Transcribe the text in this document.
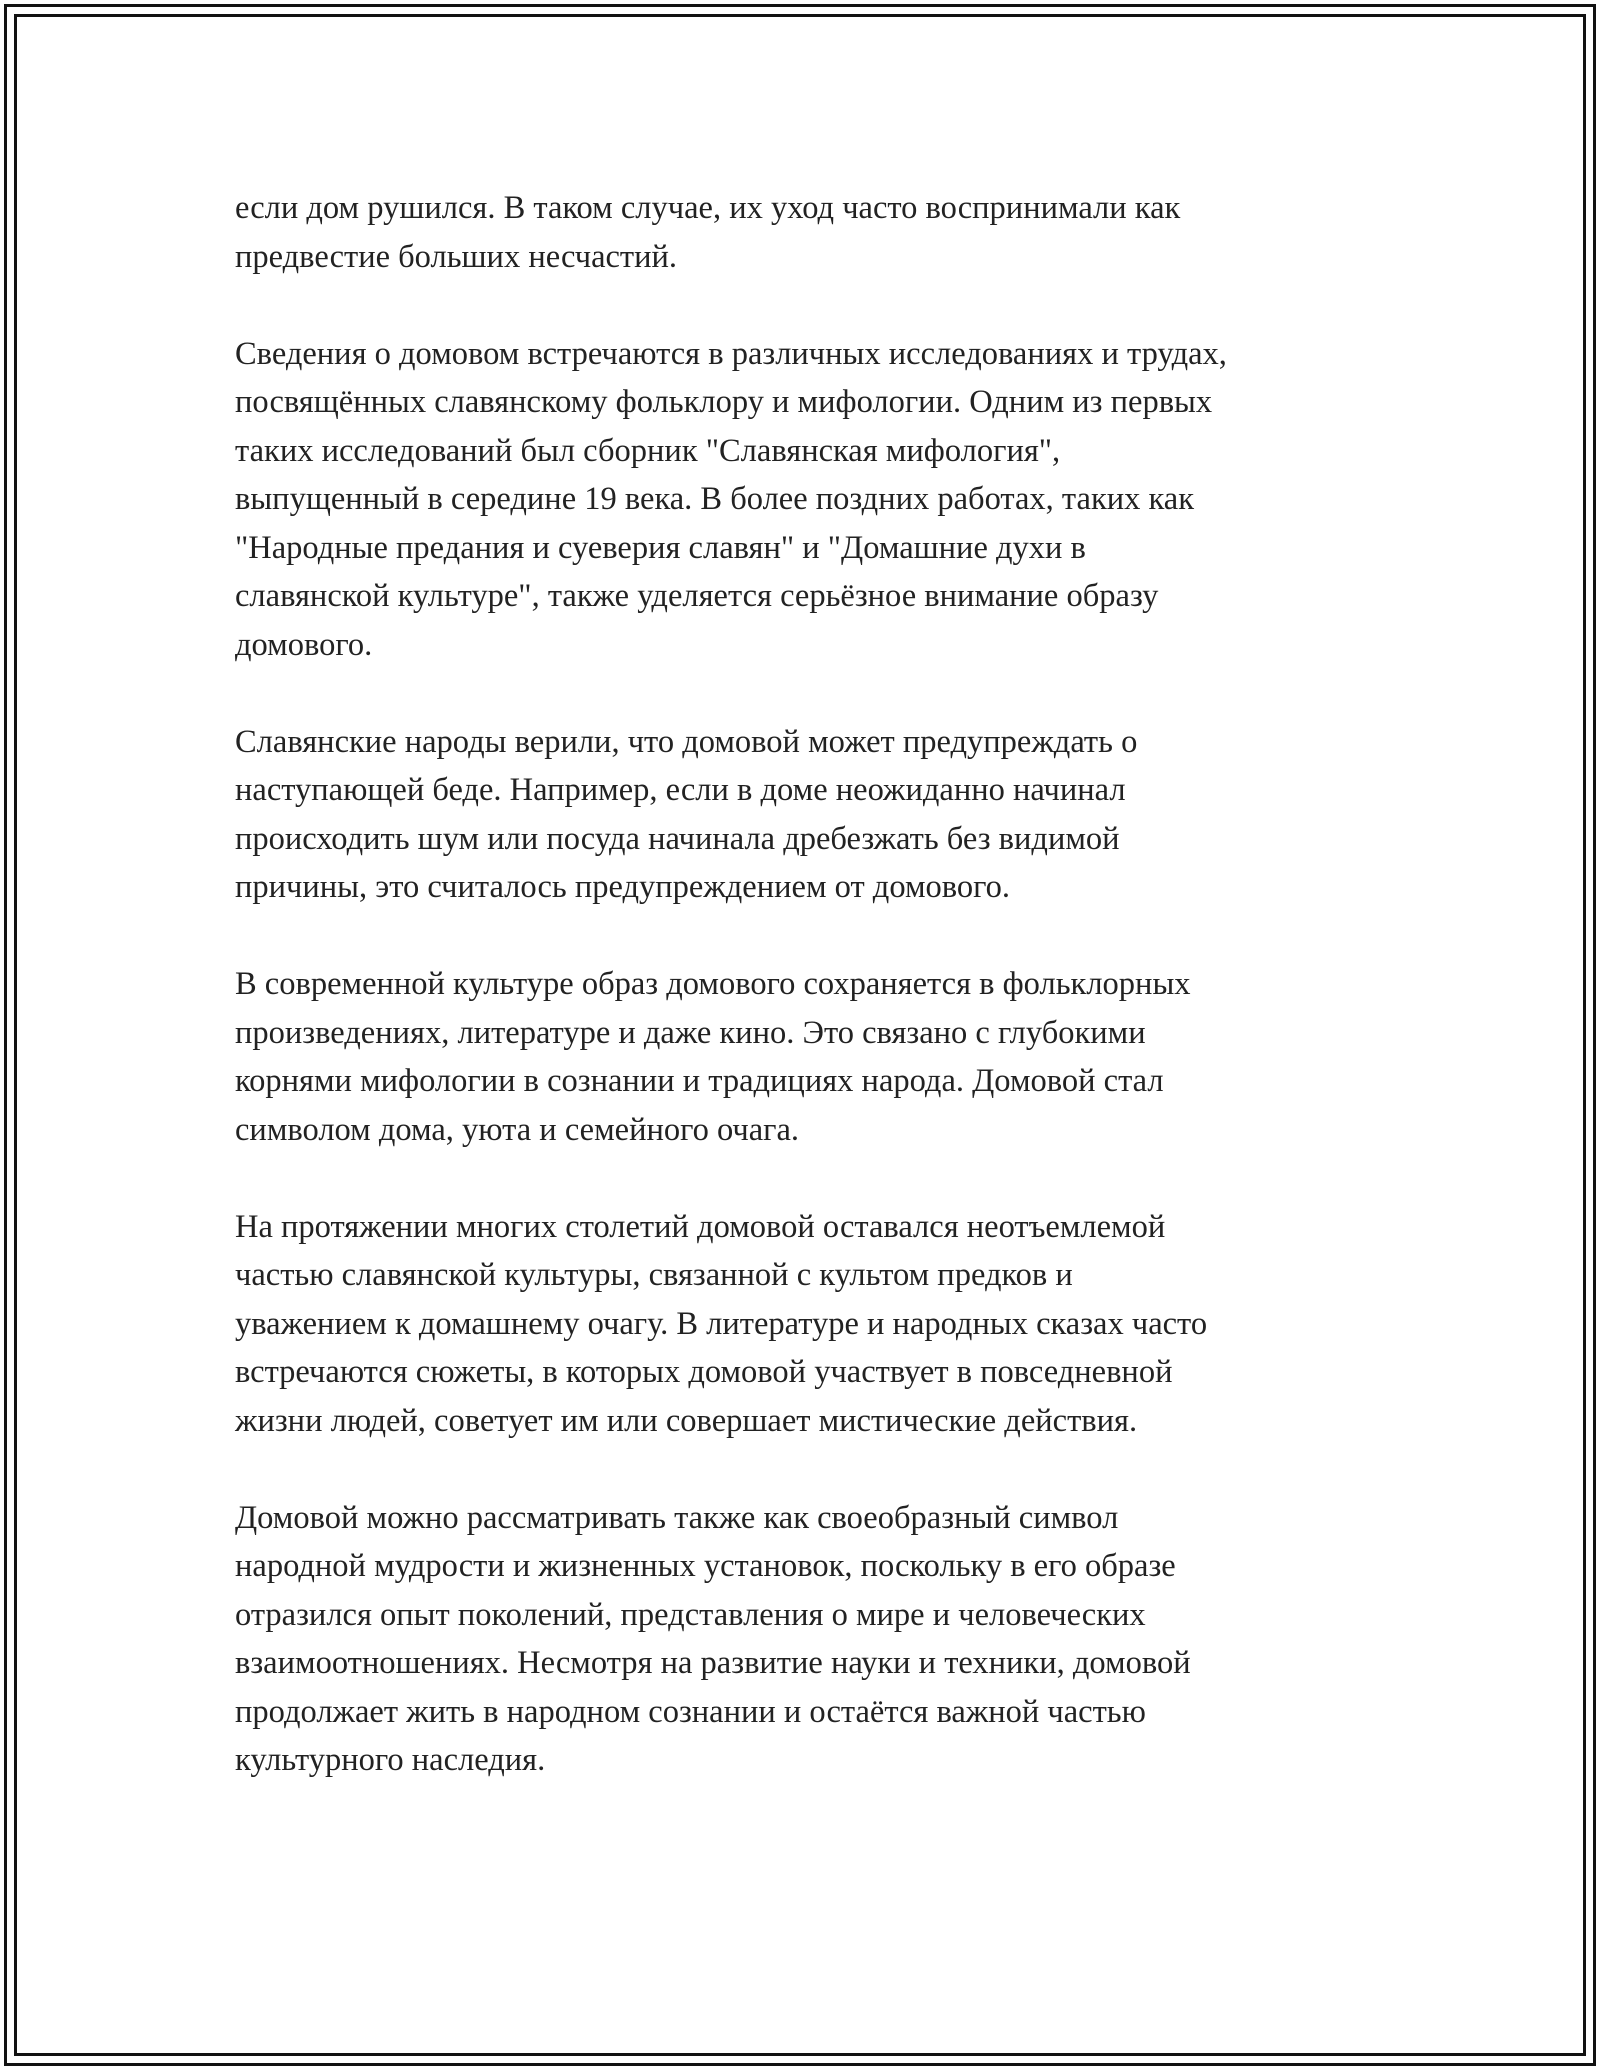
если дом рушился. В таком случае, их уход часто воспринимали как
предвестие больших несчастий.

Сведения о домовом встречаются в различных исследованиях и трудах,
посвящённых славянскому фольклору и мифологии. Одним из первых
таких исследований был сборник "Славянская мифология",
выпущенный в середине 19 века. В более поздних работах, таких как
"Народные предания и суеверия славян" и "Домашние духи в
славянской культуре", также уделяется серьёзное внимание образу
домового.

Славянские народы верили, что домовой может предупреждать о
наступающей беде. Например, если в доме неожиданно начинал
происходить шум или посуда начинала дребезжать без видимой
причины, это считалось предупреждением от домового.

В современной культуре образ домового сохраняется в фольклорных
произведениях, литературе и даже кино. Это связано с глубокими
корнями мифологии в сознании и традициях народа. Домовой стал
символом дома, уюта и семейного очага.

На протяжении многих столетий домовой оставался неотъемлемой
частью славянской культуры, связанной с культом предков и
уважением к домашнему очагу. В литературе и народных сказах часто
встречаются сюжеты, в которых домовой участвует в повседневной
жизни людей, советует им или совершает мистические действия.

Домовой можно рассматривать также как своеобразный символ
народной мудрости и жизненных установок, поскольку в его образе
отразился опыт поколений, представления о мире и человеческих
взаимоотношениях. Несмотря на развитие науки и техники, домовой
продолжает жить в народном сознании и остаётся важной частью
культурного наследия.
